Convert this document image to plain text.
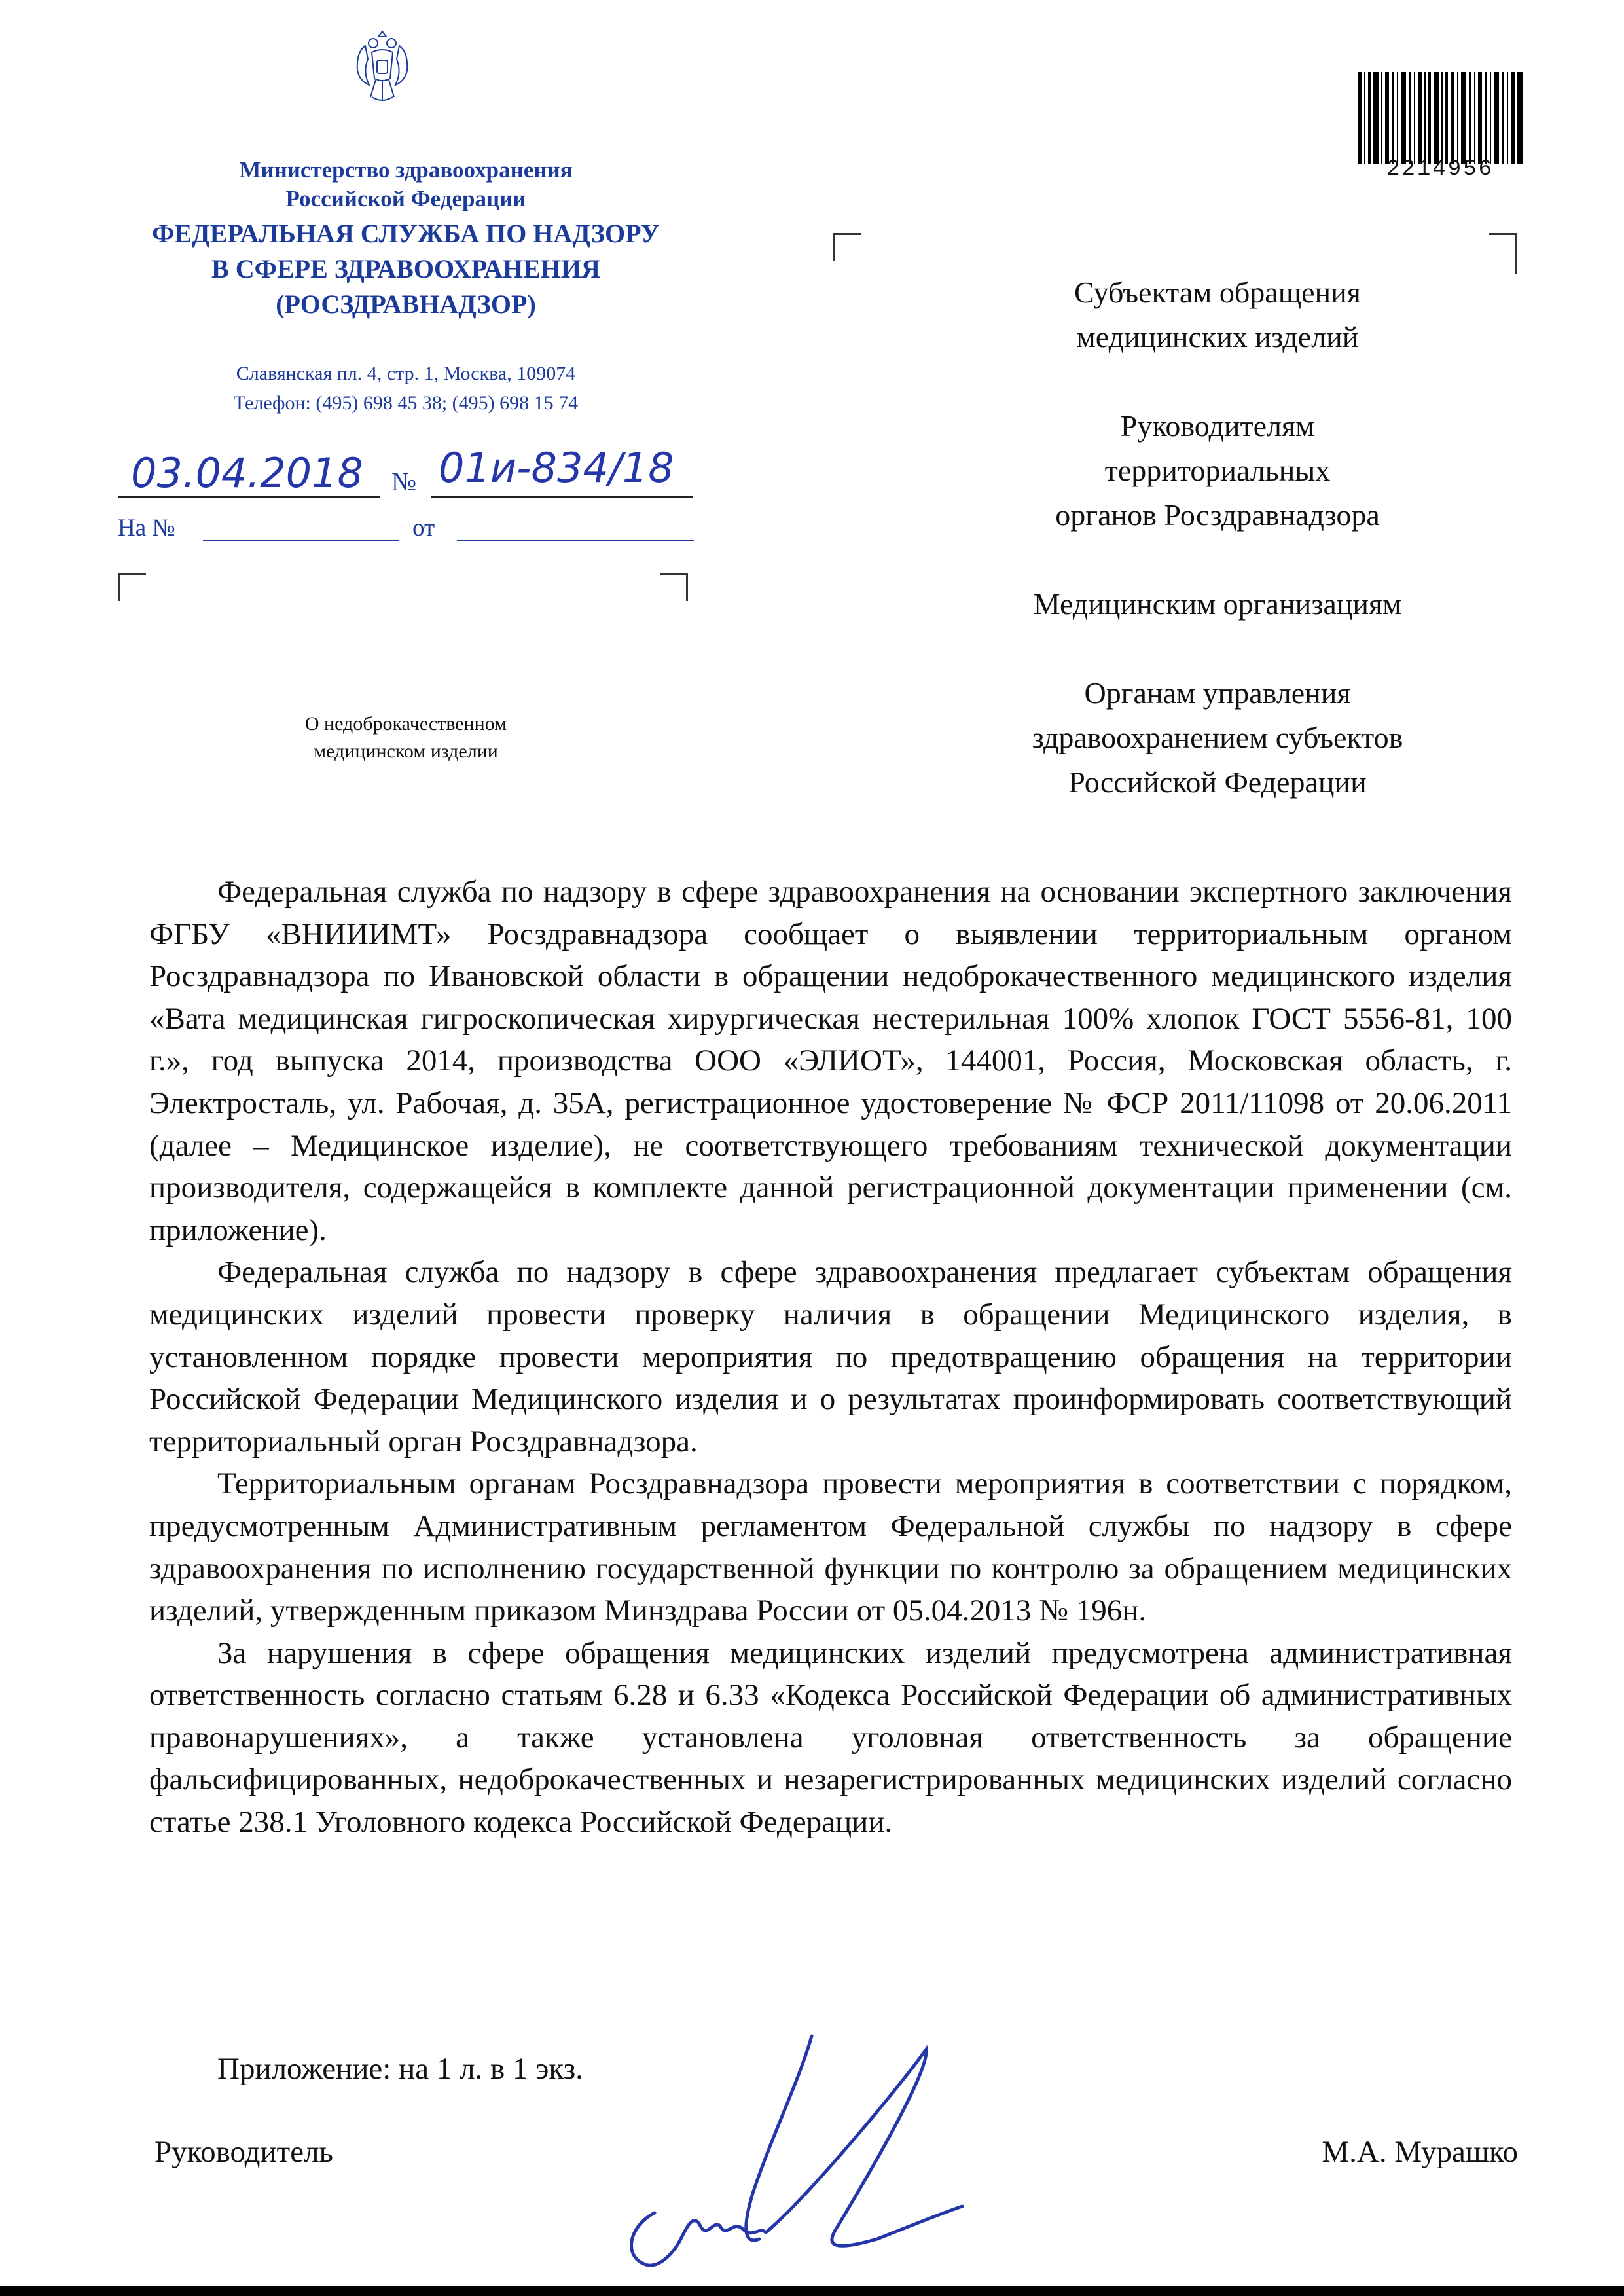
Министерство здравоохранения
Российской Федерации
ФЕДЕРАЛЬНАЯ СЛУЖБА ПО НАДЗОРУ
В СФЕРЕ ЗДРАВООХРАНЕНИЯ
(РОСЗДРАВНАДЗОР)
Славянская пл. 4, стр. 1, Москва, 109074
Телефон: (495) 698 45 38; (495) 698 15 74
03.04.2018 № 01и-834/18
На №	от
О недоброкачественном
медицинском изделии
2214956

Субъектам обращения
медицинских изделий

Руководителям
территориальных
органов Росздравнадзора

Медицинским организациям

Органам управления
здравоохранением субъектов
Российской Федерации

Федеральная служба по надзору в сфере здравоохранения на основании экспертного заключения ФГБУ «ВНИИИМТ» Росздравнадзора сообщает о выявлении территориальным органом Росздравнадзора по Ивановской области в обращении недоброкачественного медицинского изделия «Вата медицинская гигроскопическая хирургическая нестерильная 100% хлопок ГОСТ 5556-81, 100 г.», год выпуска 2014, производства ООО «ЭЛИОТ», 144001, Россия, Московская область, г. Электросталь, ул. Рабочая, д. 35А, регистрационное удостоверение № ФСР 2011/11098 от 20.06.2011 (далее – Медицинское изделие), не соответствующего требованиям технической документации производителя, содержащейся в комплекте данной регистрационной документации применении (см. приложение).

Федеральная служба по надзору в сфере здравоохранения предлагает субъектам обращения медицинских изделий провести проверку наличия в обращении Медицинского изделия, в установленном порядке провести мероприятия по предотвращению обращения на территории Российской Федерации Медицинского изделия и о результатах проинформировать соответствующий территориальный орган Росздравнадзора.

Территориальным органам Росздравнадзора провести мероприятия в соответствии с порядком, предусмотренным Административным регламентом Федеральной службы по надзору в сфере здравоохранения по исполнению государственной функции по контролю за обращением медицинских изделий, утвержденным приказом Минздрава России от 05.04.2013 № 196н.

За нарушения в сфере обращения медицинских изделий предусмотрена административная ответственность согласно статьям 6.28 и 6.33 «Кодекса Российской Федерации об административных правонарушениях», а также установлена уголовная ответственность за обращение фальсифицированных, недоброкачественных и незарегистрированных медицинских изделий согласно статье 238.1 Уголовного кодекса Российской Федерации.

Приложение: на 1 л. в 1 экз.
Руководитель	М.А. Мурашко
